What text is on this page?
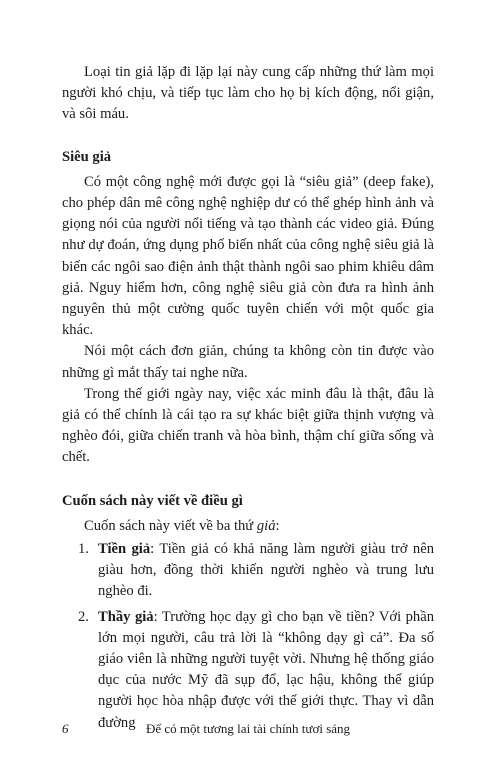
Loại tin giả lặp đi lặp lại này cung cấp những thứ làm mọi người khó chịu, và tiếp tục làm cho họ bị kích động, nổi giận, và sôi máu.

Siêu giả

Có một công nghệ mới được gọi là “siêu giả” (deep fake), cho phép dân mê công nghệ nghiệp dư có thể ghép hình ảnh và giọng nói của người nổi tiếng và tạo thành các video giả. Đúng như dự đoán, ứng dụng phổ biến nhất của công nghệ siêu giả là biến các ngôi sao điện ảnh thật thành ngôi sao phim khiêu dâm giả. Nguy hiểm hơn, công nghệ siêu giả còn đưa ra hình ảnh nguyên thủ một cường quốc tuyên chiến với một quốc gia khác.

Nói một cách đơn giản, chúng ta không còn tin được vào những gì mắt thấy tai nghe nữa.

Trong thế giới ngày nay, việc xác minh đâu là thật, đâu là giả có thể chính là cái tạo ra sự khác biệt giữa thịnh vượng và nghèo đói, giữa chiến tranh và hòa bình, thậm chí giữa sống và chết.

Cuốn sách này viết về điều gì

Cuốn sách này viết về ba thứ giả:

1. Tiền giả: Tiền giả có khả năng làm người giàu trở nên giàu hơn, đồng thời khiến người nghèo và trung lưu nghèo đi.
2. Thầy giả: Trường học dạy gì cho bạn về tiền? Với phần lớn mọi người, câu trả lời là “không dạy gì cả”. Đa số giáo viên là những người tuyệt vời. Nhưng hệ thống giáo dục của nước Mỹ đã sụp đổ, lạc hậu, không thể giúp người học hòa nhập được với thế giới thực. Thay vì dẫn đường
6	Để có một tương lai tài chính tươi sáng
